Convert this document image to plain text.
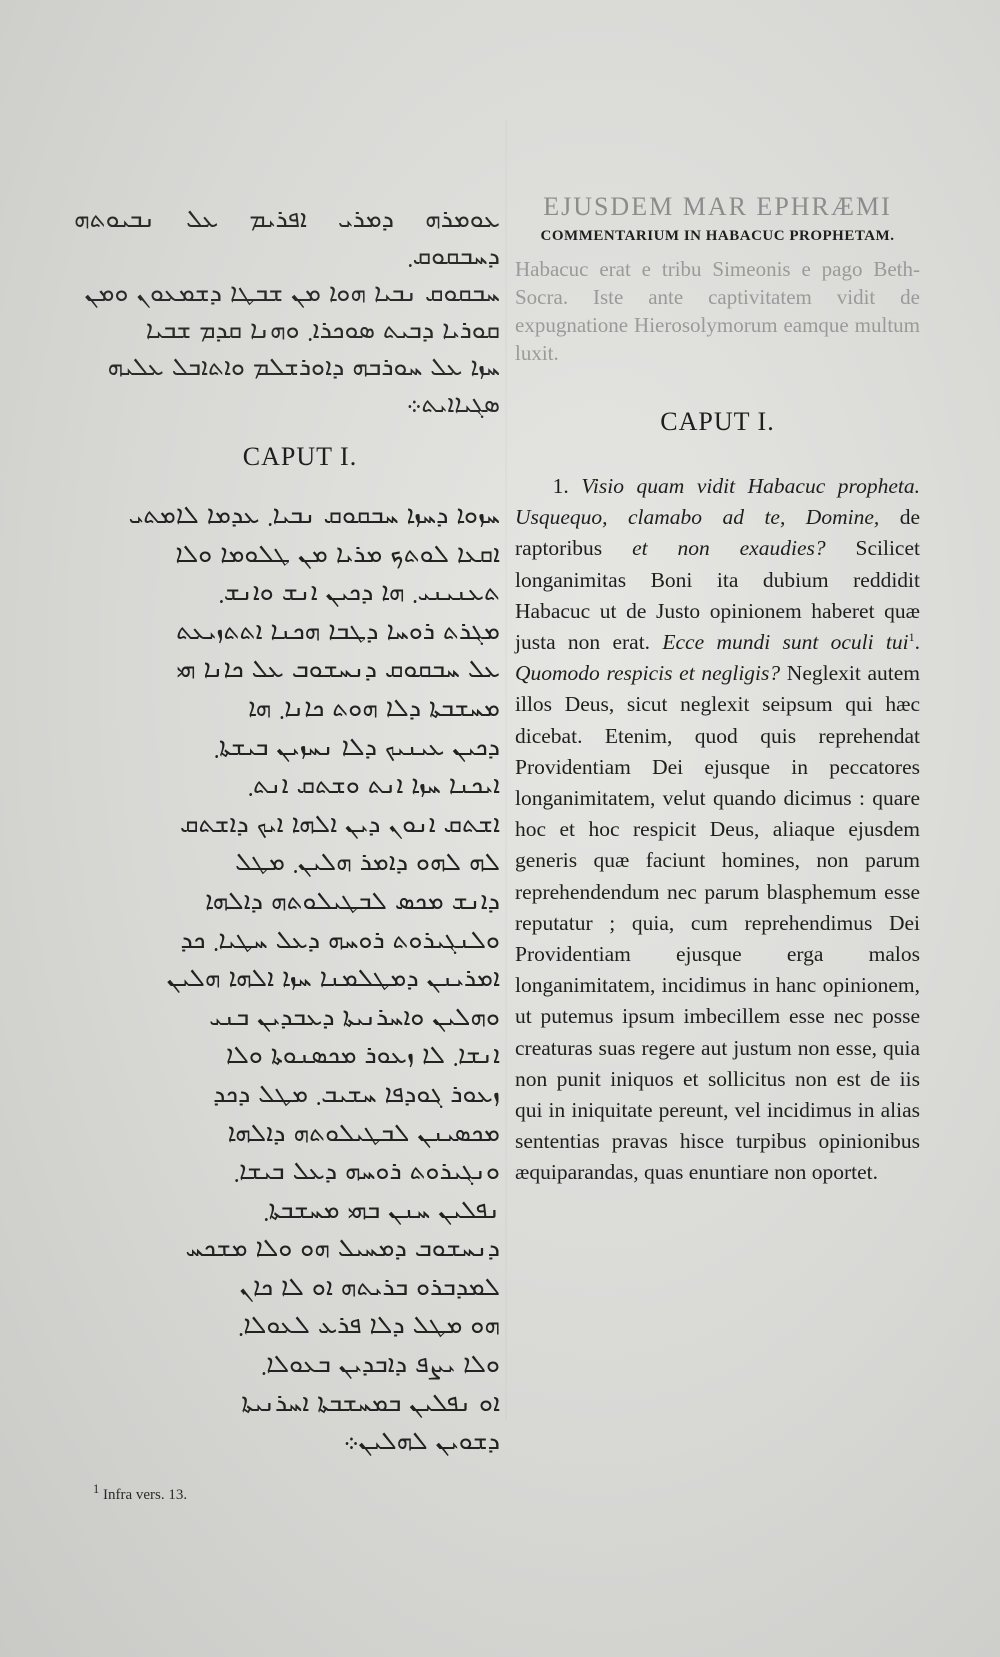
ܥܘܡܪܗ ܕܡܪܝ ܐܦܪܝܡ ܥܠ ܢܒܝܘܬܗ ܕܚܒܩܘܩ܂

ܚܒܩܘܩ ܢܒܝܐ ܗܘܐ ܡܢ ܫܒܛܐ ܕܫܡܥܘܢ ܘܡܢ

ܩܘܪܝܐ ܕܒܝܬ ܣܘܟܪܐ܂ ܘܗܢܐ ܩܕܡ ܫܒܝܐ

ܚܙܐ ܥܠ ܚܘܪܒܗ ܕܐܘܪܫܠܡ ܘܐܬܐܒܠ ܥܠܝܗ

ܣܓܝܐܐܝܬ܀

CAPUT I.

ܚܙܘܐ ܕܚܙܐ ܚܒܩܘܩ ܢܒܝܐ܂ ܥܕܡܐ ܠܐܡܬܝ

ܐܩܥܐ ܠܘܬܟ ܡܪܝܐ ܡܢ ܛܠܘܡܐ ܘܠܐ

ܬܥܢܝܢܝ܂ ܗܐ ܕܟܝܢ ܐܢܫ ܘܐܢܫ܂

ܡܓܪܬ ܪܘܚܐ ܕܛܒܐ ܗܟܢܐ ܐܬܬܙܝܥܬ

ܥܠ ܚܒܩܘܩ ܕܢܚܫܘܒ ܥܠ ܟܐܢܐ ܗܝ

ܡܚܫܒܬܐ ܕܠܐ ܗܘܬ ܟܐܢܐ܂ ܗܐ

ܕܟܝܢ ܥܝܢܝܟ ܕܠܐ ܢܚܙܝܢ ܒܝܫܬܐ܂

ܐܝܟܢܐ ܚܙܐ ܐܢܬ ܘܫܬܩ ܐܢܬ܂

ܐܫܬܩ ܐܢܘܢ ܕܝܢ ܐܠܗܐ ܐܝܟ ܕܐܫܬܩ

ܠܗ ܠܗܘ ܕܐܡܪ ܗܠܝܢ܂ ܡܛܠ

ܕܐܢܫ ܡܟܣ ܠܒܛܝܠܘܬܗ ܕܐܠܗܐ

ܘܠܢܓܝܪܘܬ ܪܘܚܗ ܕܥܠ ܚܛܝܐ܂ ܟܕ

ܐܡܪܝܢܢ ܕܡܛܠܡܢܐ ܚܙܐ ܐܠܗܐ ܗܠܝܢ

ܘܗܠܝܢ ܘܐܚܪܢܝܬܐ ܕܥܒܕܝܢ ܒܢܝ

ܐܢܫܐ܂ ܠܐ ܙܥܘܪ ܡܟܣܢܘܬܐ ܘܠܐ

ܙܥܘܪ ܓܘܕܦܐ ܚܫܝܒ܂ ܡܛܠ ܕܟܕ

ܡܟܣܝܢܢ ܠܒܛܝܠܘܬܗ ܕܐܠܗܐ

ܘܢܓܝܪܘܬ ܪܘܚܗ ܕܥܠ ܒܝܫܐ܂

ܢܦܠܝܢ ܚܢܢ ܒܗܝ ܡܚܫܒܬܐ܂

ܕܢܚܫܘܒ ܕܡܚܝܠ ܗܘ ܘܠܐ ܡܫܟܚ

ܠܡܕܒܪܘ ܒܪܝܬܗ ܐܘ ܠܐ ܟܐܢ

ܗܘ ܡܛܠ ܕܠܐ ܦܪܥ ܠܥܘܠܐ܂

ܘܠܐ ܝܨܦ ܕܐܒܕܝܢ ܒܥܘܠܐ܂

ܐܘ ܢܦܠܝܢ ܒܡܚܫܒܬܐ ܐܚܪܢܝܬܐ

ܕܫܘܝܢ ܠܗܠܝܢ܀

$^1$ Infra vers. 13.
EJUSDEM MAR EPHRÆMI
COMMENTARIUM IN HABACUC PROPHETAM.

Habacuc erat e tribu Simeonis e pago Beth-Socra. Iste ante captivitatem vidit de expugnatione Hierosolymorum eamque multum luxit.

CAPUT I.

1. Visio quam vidit Habacuc propheta. Usquequo, clamabo ad te, Domine, de raptoribus et non exaudies? Scilicet longanimitas Boni ita dubium reddidit Habacuc ut de Justo opinionem haberet quæ justa non erat. Ecce mundi sunt oculi tui$^1$. Quomodo respicis et negligis? Neglexit autem illos Deus, sicut neglexit seipsum qui hæc dicebat. Etenim, quod quis reprehendat Providentiam Dei ejusque in peccatores longanimitatem, velut quando dicimus : quare hoc et hoc respicit Deus, aliaque ejusdem generis quæ faciunt homines, non parum reprehendendum nec parum blasphemum esse reputatur ; quia, cum reprehendimus Dei Providentiam ejusque erga malos longanimitatem, incidimus in hanc opinionem, ut putemus ipsum imbecillem esse nec posse creaturas suas regere aut justum non esse, quia non punit iniquos et sollicitus non est de iis qui in iniquitate pereunt, vel incidimus in alias sententias pravas hisce turpibus opinionibus æquiparandas, quas enuntiare non oportet.
